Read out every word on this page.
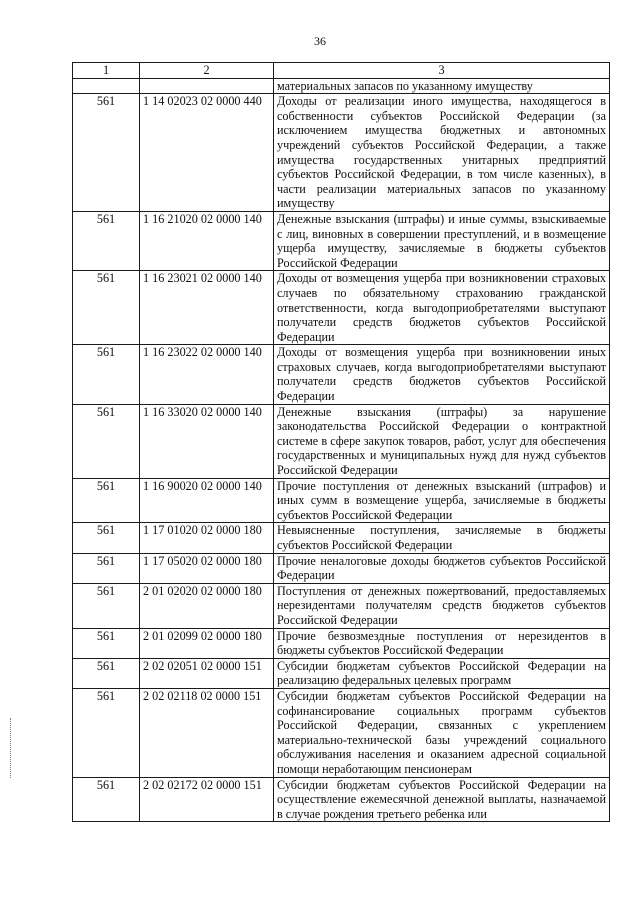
36
1	2	3
		материальных запасов по указанному имуществу
561	1 14 02023 02 0000 440	Доходы от реализации иного имущества, находящегося в собственности субъектов Российской Федерации (за исключением имущества бюджетных и автономных учреждений субъектов Российской Федерации, а также имущества государственных унитарных предприятий субъектов Российской Федерации, в том числе казенных), в части реализации материальных запасов по указанному имуществу
561	1 16 21020 02 0000 140	Денежные взыскания (штрафы) и иные суммы, взыскиваемые с лиц, виновных в совершении преступлений, и в возмещение ущерба имуществу, зачисляемые в бюджеты субъектов Российской Федерации
561	1 16 23021 02 0000 140	Доходы от возмещения ущерба при возникновении страховых случаев по обязательному страхованию гражданской ответственности, когда выгодоприобретателями выступают получатели средств бюджетов субъектов Российской Федерации
561	1 16 23022 02 0000 140	Доходы от возмещения ущерба при возникновении иных страховых случаев, когда выгодоприобретателями выступают получатели средств бюджетов субъектов Российской Федерации
561	1 16 33020 02 0000 140	Денежные взыскания (штрафы) за нарушение законодательства Российской Федерации о контрактной системе в сфере закупок товаров, работ, услуг для обеспечения государственных и муниципальных нужд для нужд субъектов Российской Федерации
561	1 16 90020 02 0000 140	Прочие поступления от денежных взысканий (штрафов) и иных сумм в возмещение ущерба, зачисляемые в бюджеты субъектов Российской Федерации
561	1 17 01020 02 0000 180	Невыясненные поступления, зачисляемые в бюджеты субъектов Российской Федерации
561	1 17 05020 02 0000 180	Прочие неналоговые доходы бюджетов субъектов Российской Федерации
561	2 01 02020 02 0000 180	Поступления от денежных пожертвований, предоставляемых нерезидентами получателям средств бюджетов субъектов Российской Федерации
561	2 01 02099 02 0000 180	Прочие безвозмездные поступления от нерезидентов в бюджеты субъектов Российской Федерации
561	2 02 02051 02 0000 151	Субсидии бюджетам субъектов Российской Федерации на реализацию федеральных целевых программ
561	2 02 02118 02 0000 151	Субсидии бюджетам субъектов Российской Федерации на софинансирование социальных программ субъектов Российской Федерации, связанных с укреплением материально-технической базы учреждений социального обслуживания населения и оказанием адресной социальной помощи неработающим пенсионерам
561	2 02 02172 02 0000 151	Субсидии бюджетам субъектов Российской Федерации на осуществление ежемесячной денежной выплаты, назначаемой в случае рождения третьего ребенка или
